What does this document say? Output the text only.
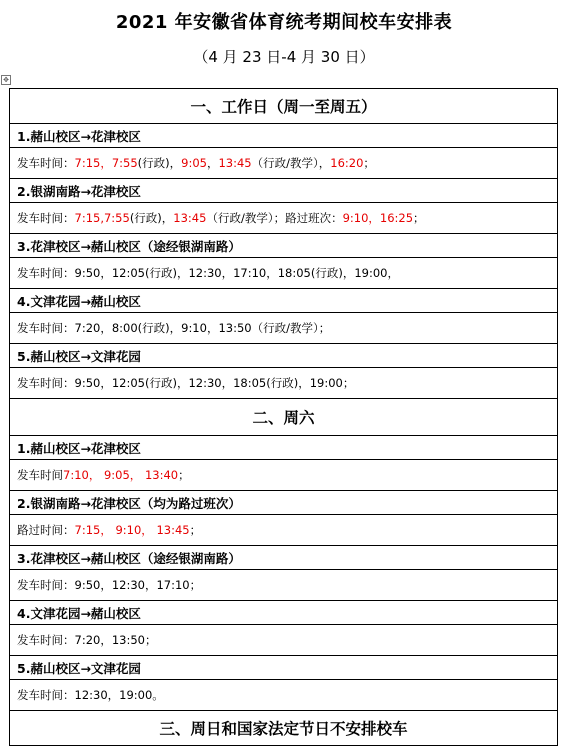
2021 年安徽省体育统考期间校车安排表
（4 月 23 日-4 月 30 日）
✥
一、工作日（周一至周五）
1.赭山校区→花津校区
发车时间：7:15，7:55(行政)，9:05，13:45（行政/教学），16:20；
2.银湖南路→花津校区
发车时间：7:15,7:55(行政)，13:45（行政/教学）；路过班次：9:10，16:25；
3.花津校区→赭山校区（途经银湖南路）
发车时间：9:50，12:05(行政)，12:30，17:10，18:05(行政)，19:00，
4.文津花园→赭山校区
发车时间：7:20，8:00(行政)，9:10，13:50（行政/教学）；
5.赭山校区→文津花园
发车时间：9:50，12:05(行政)，12:30，18:05(行政)，19:00；
二、周六
1.赭山校区→花津校区
发车时间7:10， 9:05， 13:40；
2.银湖南路→花津校区（均为路过班次）
路过时间：7:15， 9:10， 13:45；
3.花津校区→赭山校区（途经银湖南路）
发车时间：9:50，12:30，17:10；
4.文津花园→赭山校区
发车时间：7:20，13:50；
5.赭山校区→文津花园
发车时间：12:30，19:00。
三、周日和国家法定节日不安排校车
